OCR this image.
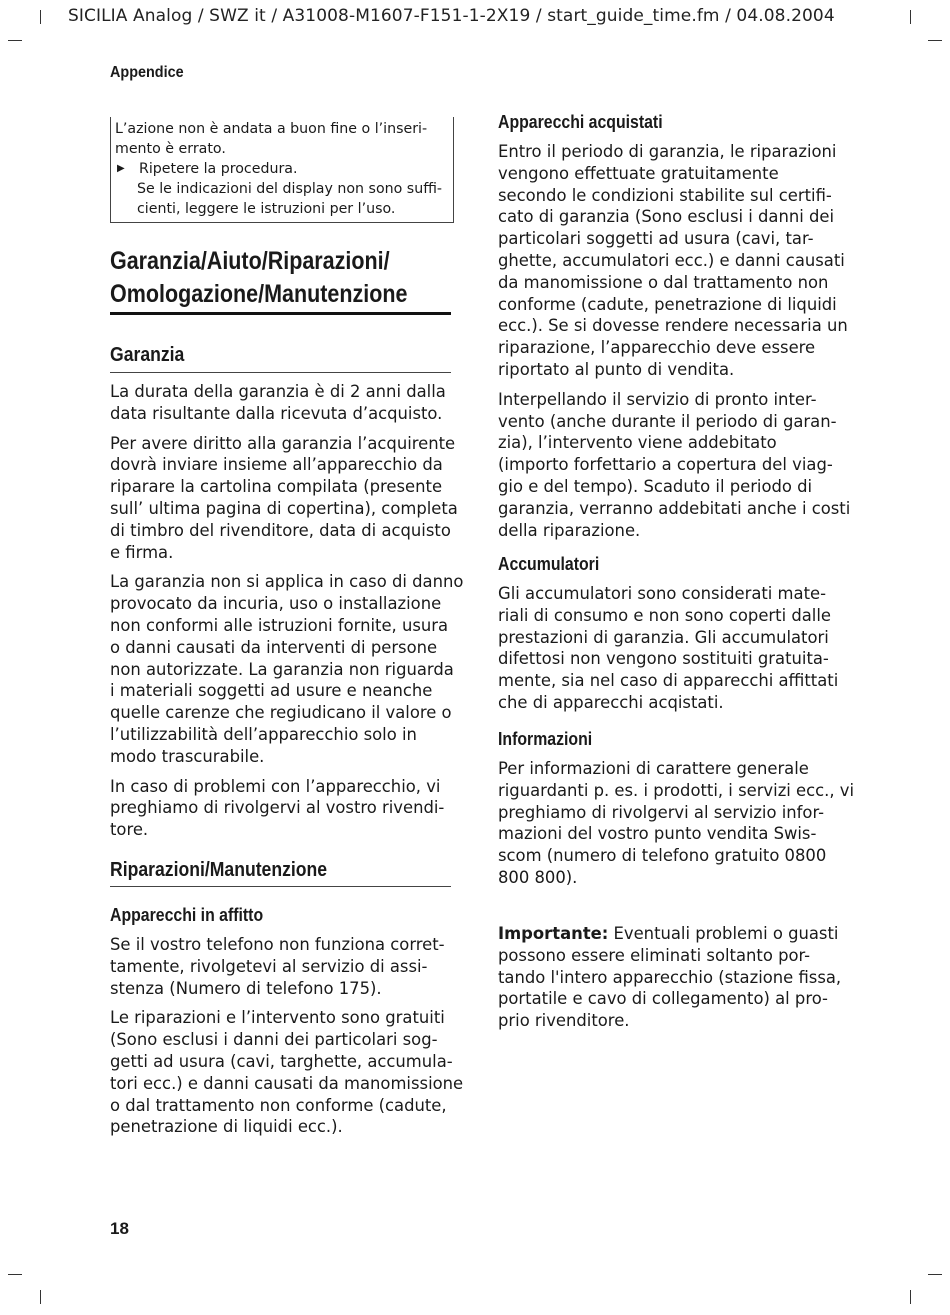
SICILIA Analog / SWZ it / A31008-M1607-F151-1-2X19 / start_guide_time.fm / 04.08.2004
Appendice

L’azione non è andata a buon fine o l’inseri-

mento è errato.

▶	Ripetere la procedura.

Se le indicazioni del display non sono suffi-

cienti, leggere le istruzioni per l’uso.

Garanzia/Aiuto/Riparazioni/
Omologazione/Manutenzione
Garanzia

La durata della garanzia è di 2 anni dalla
data risultante dalla ricevuta d’acquisto.

Per avere diritto alla garanzia l’acquirente
dovrà inviare insieme all’apparecchio da
riparare la cartolina compilata (presente
sull’ ultima pagina di copertina), completa
di timbro del rivenditore, data di acquisto
e firma.

La garanzia non si applica in caso di danno
provocato da incuria, uso o installazione
non conformi alle istruzioni fornite, usura
o danni causati da interventi di persone
non autorizzate. La garanzia non riguarda
i materiali soggetti ad usure e neanche
quelle carenze che regiudicano il valore o
l’utilizzabilità dell’apparecchio solo in
modo trascurabile.

In caso di problemi con l’apparecchio, vi
preghiamo di rivolgervi al vostro rivendi-
tore.

Riparazioni/Manutenzione
Apparecchi in affitto

Se il vostro telefono non funziona corret-
tamente, rivolgetevi al servizio di assi-
stenza (Numero di telefono 175).

Le riparazioni e l’intervento sono gratuiti
(Sono esclusi i danni dei particolari sog-
getti ad usura (cavi, targhette, accumula-
tori ecc.) e danni causati da manomissione
o dal trattamento non conforme (cadute,
penetrazione di liquidi ecc.).

Apparecchi acquistati

Entro il periodo di garanzia, le riparazioni
vengono effettuate gratuitamente
secondo le condizioni stabilite sul certifi-
cato di garanzia (Sono esclusi i danni dei
particolari soggetti ad usura (cavi, tar-
ghette, accumulatori ecc.) e danni causati
da manomissione o dal trattamento non
conforme (cadute, penetrazione di liquidi
ecc.). Se si dovesse rendere necessaria un
riparazione, l’apparecchio deve essere
riportato al punto di vendita.

Interpellando il servizio di pronto inter-
vento (anche durante il periodo di garan-
zia), l’intervento viene addebitato
(importo forfettario a copertura del viag-
gio e del tempo). Scaduto il periodo di
garanzia, verranno addebitati anche i costi
della riparazione.

Accumulatori

Gli accumulatori sono considerati mate-
riali di consumo e non sono coperti dalle
prestazioni di garanzia. Gli accumulatori
difettosi non vengono sostituiti gratuita-
mente, sia nel caso di apparecchi affittati
che di apparecchi acqistati.

Informazioni

Per informazioni di carattere generale
riguardanti p. es. i prodotti, i servizi ecc., vi
preghiamo di rivolgervi al servizio infor-
mazioni del vostro punto vendita Swis-
scom (numero di telefono gratuito 0800
800 800).

Importante: Eventuali problemi o guasti
possono essere eliminati soltanto por-
tando l'intero apparecchio (stazione fissa,
portatile e cavo di collegamento) al pro-
prio rivenditore.

18
